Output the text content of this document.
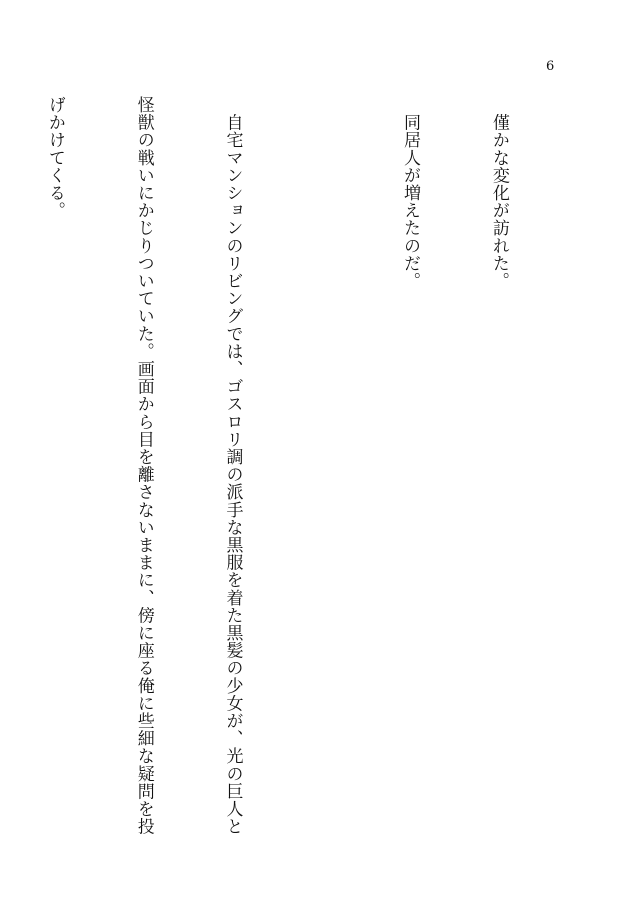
6

　僅かな変化が訪れた。

　同居人が増えたのだ。

　自宅マンションのリビングでは、ゴスロリ調の派手な黒服を着た黒髪の少女が、光の巨人と

怪獣の戦いにかじりついていた。画面から目を離さないままに、傍に座る俺に些細な疑問を投

げかけてくる。
